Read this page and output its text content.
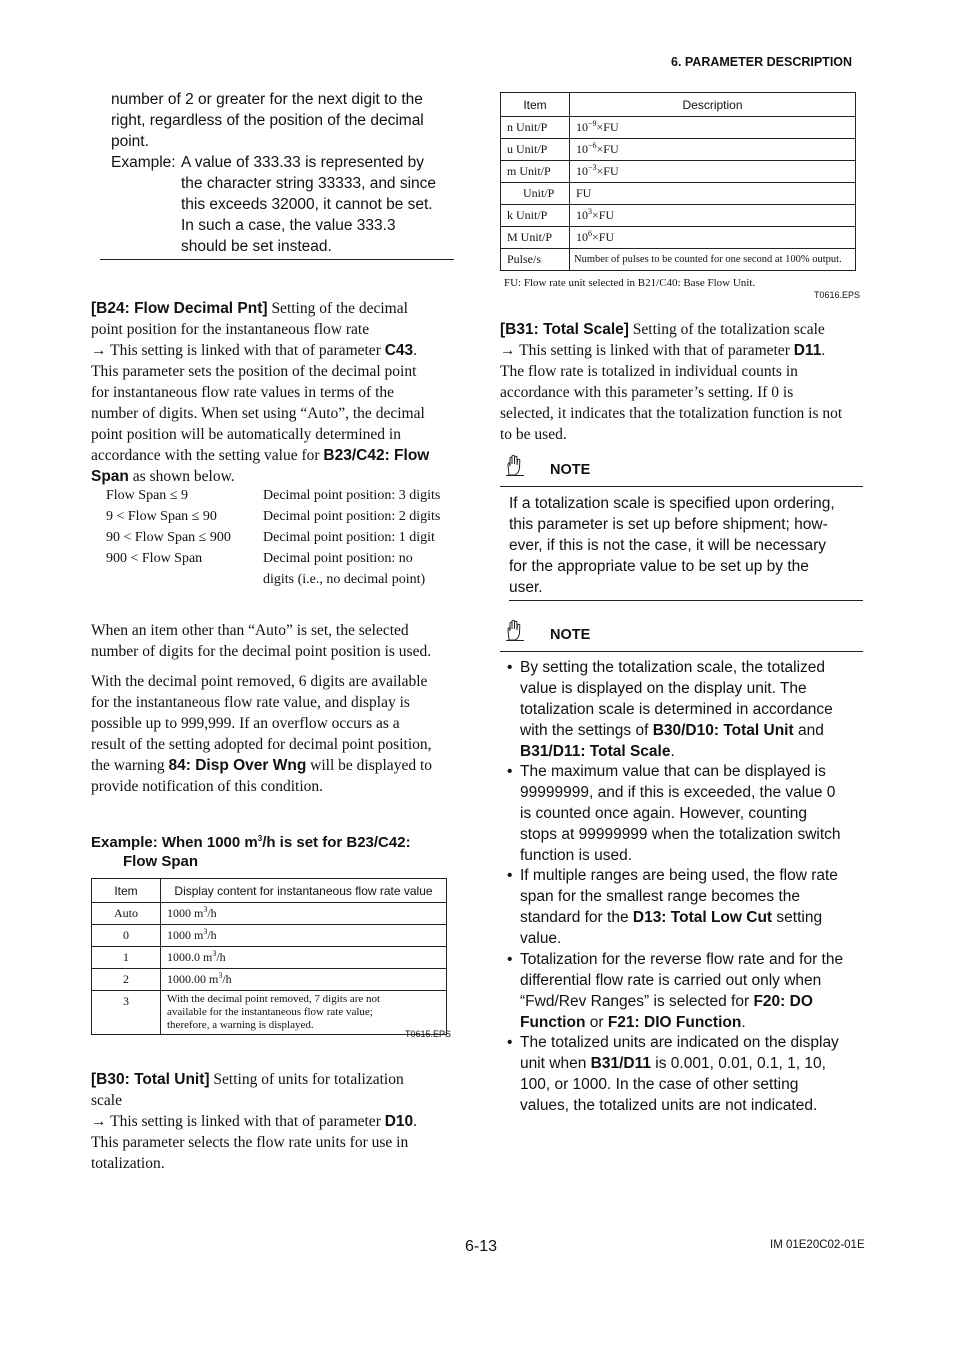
6. PARAMETER DESCRIPTION
number of 2 or greater for the next digit to the
right, regardless of the position of the decimal
point.
Example: A value of 333.33 is represented by
the character string 33333, and since
this exceeds 32000, it cannot be set.
In such a case, the value 333.3
should be set instead.
[B24: Flow Decimal Pnt] Setting of the decimal
point position for the instantaneous flow rate
→ This setting is linked with that of parameter C43.
This parameter sets the position of the decimal point
for instantaneous flow rate values in terms of the
number of digits. When set using “Auto”, the decimal
point position will be automatically determined in
accordance with the setting value for B23/C42: Flow
Span as shown below.
Flow Span ≤ 9	Decimal point position: 3 digits
9 < Flow Span ≤ 90	Decimal point position: 2 digits
90 < Flow Span ≤ 900	Decimal point position: 1 digit
900 < Flow Span	Decimal point position: no
digits (i.e., no decimal point)
When an item other than “Auto” is set, the selected
number of digits for the decimal point position is used.
With the decimal point removed, 6 digits are available
for the instantaneous flow rate value, and display is
possible up to 999,999. If an overflow occurs as a
result of the setting adopted for decimal point position,
the warning 84: Disp Over Wng will be displayed to
provide notification of this condition.
Example: When 1000 $m^3/h$ is set for B23/C42:
Flow Span
Item	Display content for instantaneous flow rate value
Auto	1000 $m^3/h$
0	1000 $m^3/h$
1	1000.0 $m^3/h$
2	1000.00 $m^3/h$
3	With the decimal point removed, 7 digits are not
available for the instantaneous flow rate value;
therefore, a warning is displayed.
T0615.EPS
[B30: Total Unit] Setting of units for totalization
scale
→ This setting is linked with that of parameter D10.
This parameter selects the flow rate units for use in
totalization.
Item	Description
n Unit/P	$10^{-9}\times FU$
u Unit/P	$10^{-6}\times FU$
m Unit/P	$10^{-3}\times FU$
Unit/P	FU
k Unit/P	$10^3\times FU$
M Unit/P	$10^6\times FU$
Pulse/s	Number of pulses to be counted for one second at 100% output.
FU: Flow rate unit selected in B21/C40: Base Flow Unit.
T0616.EPS
[B31: Total Scale] Setting of the totalization scale
→ This setting is linked with that of parameter D11.
The flow rate is totalized in individual counts in
accordance with this parameter’s setting. If 0 is
selected, it indicates that the totalization function is not
to be used.
NOTE
If a totalization scale is specified upon ordering,
this parameter is set up before shipment; how-
ever, if this is not the case, it will be necessary
for the appropriate value to be set up by the
user.
NOTE
• By setting the totalization scale, the totalized
value is displayed on the display unit. The
totalization scale is determined in accordance
with the settings of B30/D10: Total Unit and
B31/D11: Total Scale.
• The maximum value that can be displayed is
99999999, and if this is exceeded, the value 0
is counted once again. However, counting
stops at 99999999 when the totalization switch
function is used.
• If multiple ranges are being used, the flow rate
span for the smallest range becomes the
standard for the D13: Total Low Cut setting
value.
• Totalization for the reverse flow rate and for the
differential flow rate is carried out only when
“Fwd/Rev Ranges” is selected for F20: DO
Function or F21: DIO Function.
• The totalized units are indicated on the display
unit when B31/D11 is 0.001, 0.01, 0.1, 1, 10,
100, or 1000. In the case of other setting
values, the totalized units are not indicated.
6-13	IM 01E20C02-01E
